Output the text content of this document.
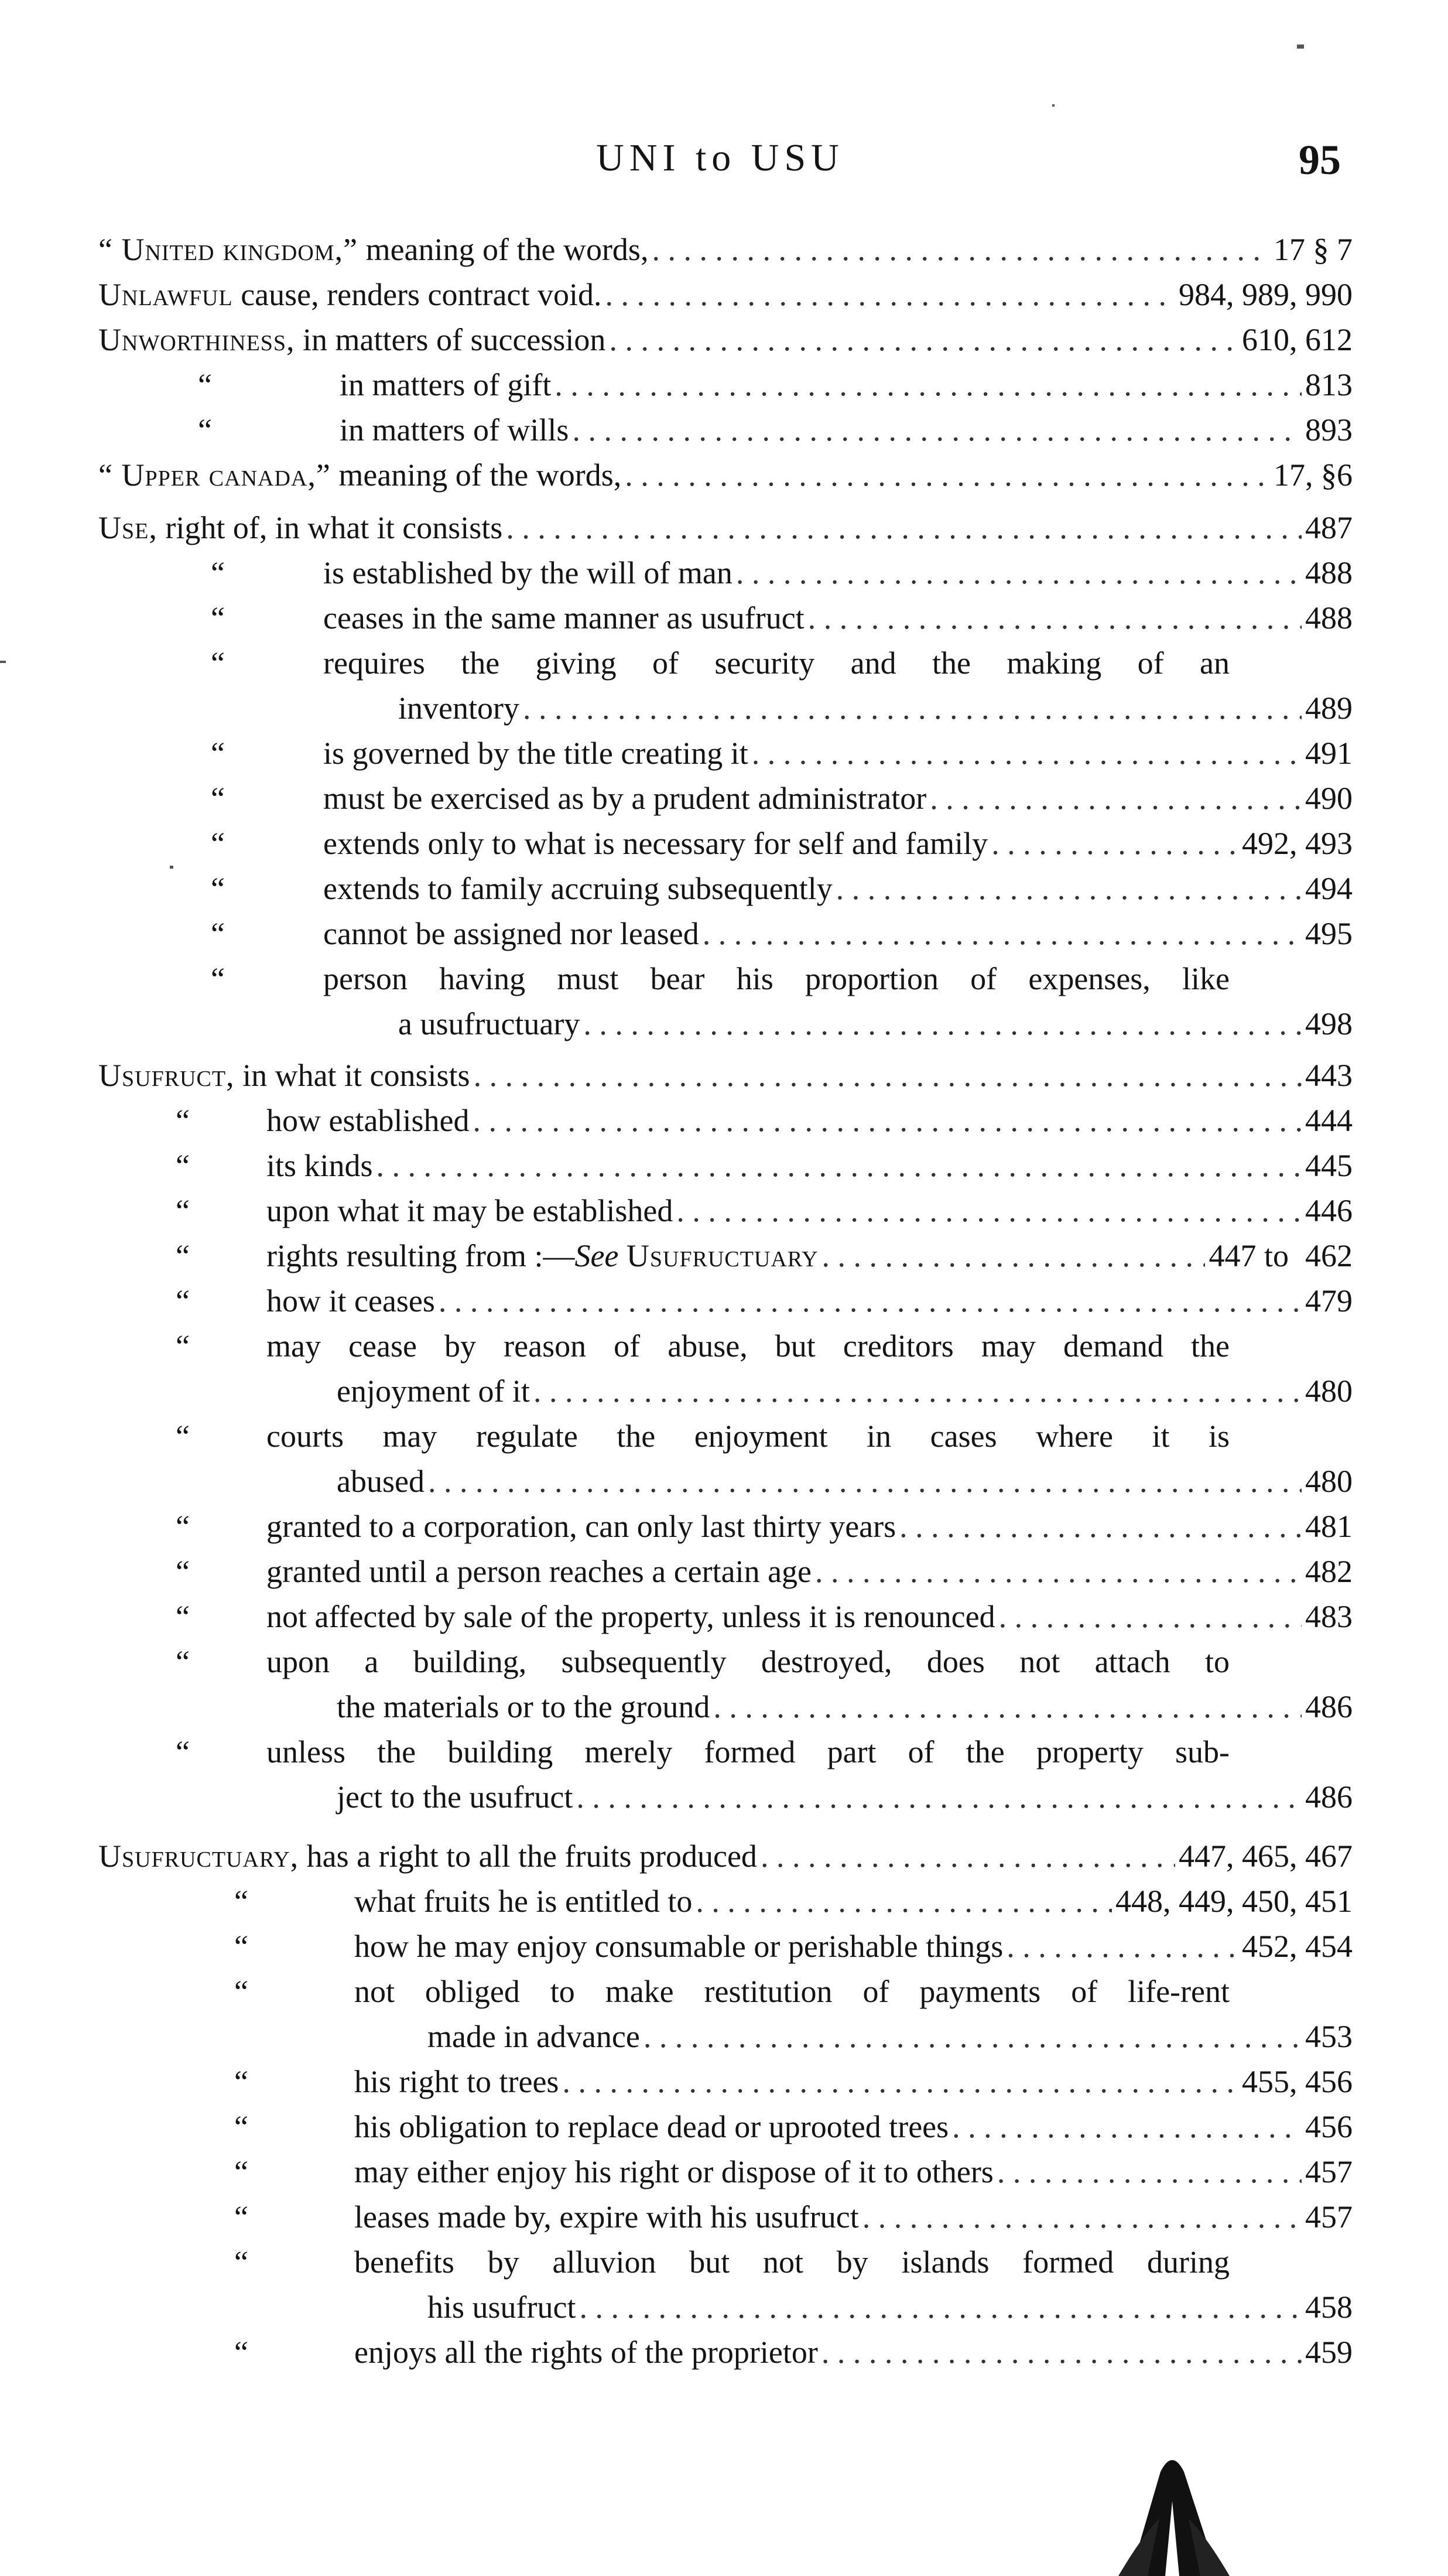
UNI to USU	95
“ United kingdom,” meaning of the words, . . .	17 § 7
Unlawful cause, renders contract void. . . .	984, 989, 990
Unworthiness, in matters of succession . . .	610, 612
“	in matters of gift . . .	813
“	in matters of wills . . .	893
“ Upper canada,” meaning of the words, . . .	17, §6
Use, right of, in what it consists . . .	487
“	is established by the will of man . . .	488
“	ceases in the same manner as usufruct . . .	488
“	requires the giving of security and the making of an
inventory . . .	489
“	is governed by the title creating it . . .	491
“	must be exercised as by a prudent administrator . . .	490
“	extends only to what is necessary for self and family . . .	492, 493
“	extends to family accruing subsequently . . .	494
“	cannot be assigned nor leased . . .	495
“	person having must bear his proportion of expenses, like
a usufructuary . . .	498
Usufruct, in what it consists . . .	443
“ how established . . .	444
“ its kinds . . .	445
“ upon what it may be established . . .	446
“ rights resulting from :— See
Usufructuary . . .	447 to 462
“ how it ceases . . .	479
“ may cease by reason of abuse, but creditors may demand the
enjoyment of it . . .	480
“ courts may regulate the enjoyment in cases where it is
abused . . .	480
“ granted to a corporation, can only last thirty years . . .	481
“ granted until a person reaches a certain age . . .	482
“ not affected by sale of the property, unless it is renounced . . .	483
“ upon a building, subsequently destroyed, does not attach to
the materials or to the ground . . .	486
“ unless the building merely formed part of the property sub-
ject to the usufruct . . .	486
Usufructuary, has a right to all the fruits produced . . .	447, 465, 467
“	what fruits he is entitled to . . .	448, 449, 450, 451
“	how he may enjoy consumable or perishable things . . .	452, 454
“	not obliged to make restitution of payments of life-rent
made in advance . . .	453
“	his right to trees . . .	455, 456
“	his obligation to replace dead or uprooted trees . . .	456
“	may either enjoy his right or dispose of it to others . . .	457
“	leases made by, expire with his usufruct . . .	457
“	benefits by alluvion but not by islands formed during
his usufruct . . .	458
“	enjoys all the rights of the proprietor . . .	459
